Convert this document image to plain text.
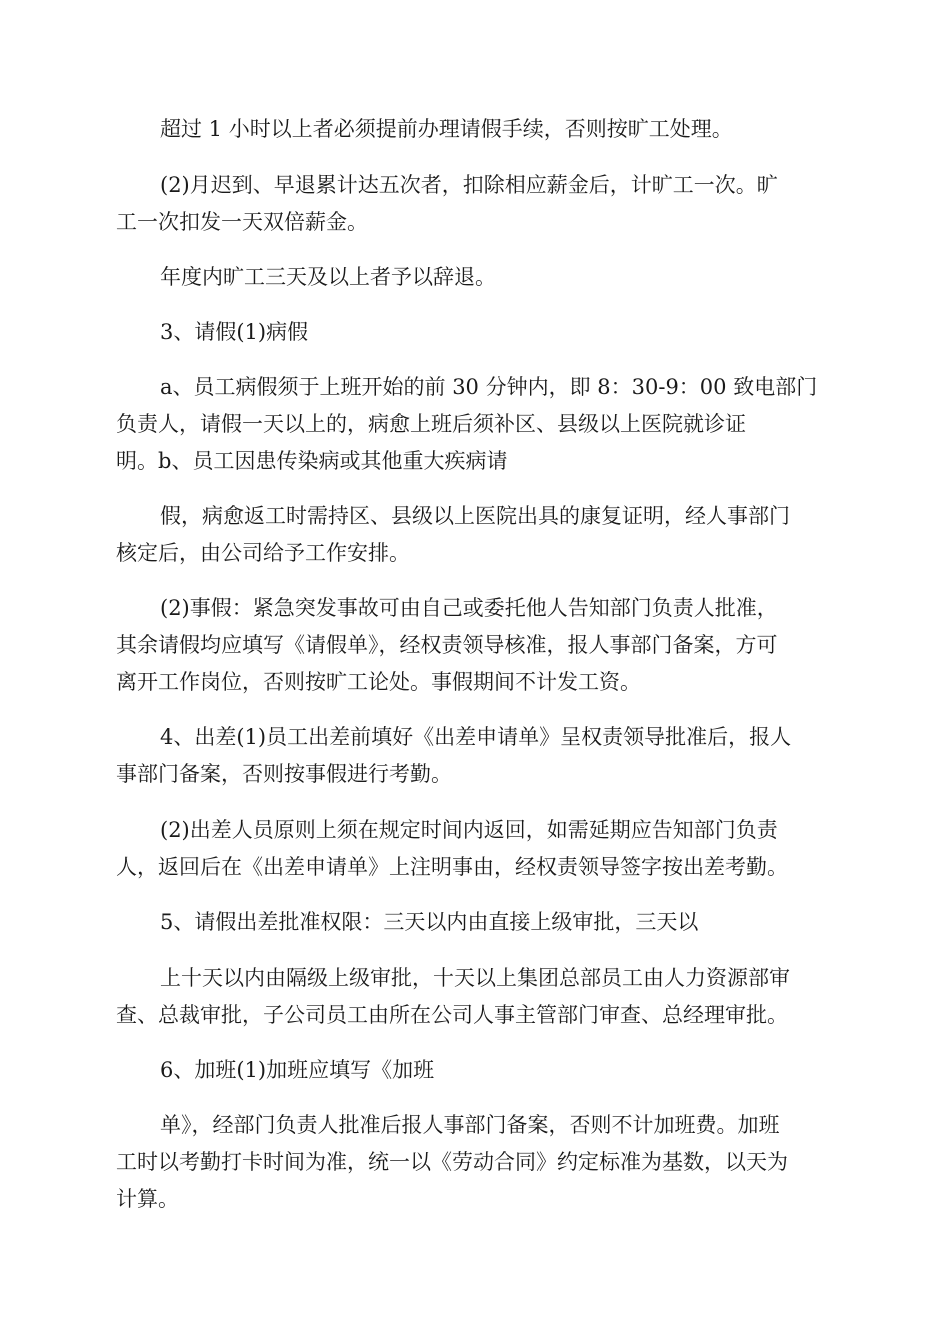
超过 1 小时以上者必须提前办理请假手续，否则按旷工处理。
(2)月迟到、早退累计达五次者，扣除相应薪金后，计旷工一次。旷
工一次扣发一天双倍薪金。
年度内旷工三天及以上者予以辞退。
3、请假(1)病假
a、员工病假须于上班开始的前 30 分钟内，即 8：30-9：00 致电部门
负责人，请假一天以上的，病愈上班后须补区、县级以上医院就诊证
明。b、员工因患传染病或其他重大疾病请
假，病愈返工时需持区、县级以上医院出具的康复证明，经人事部门
核定后，由公司给予工作安排。
(2)事假：紧急突发事故可由自己或委托他人告知部门负责人批准，
其余请假均应填写《请假单》，经权责领导核准，报人事部门备案，方可
离开工作岗位，否则按旷工论处。事假期间不计发工资。
4、出差(1)员工出差前填好《出差申请单》呈权责领导批准后，报人
事部门备案，否则按事假进行考勤。
(2)出差人员原则上须在规定时间内返回，如需延期应告知部门负责
人，返回后在《出差申请单》上注明事由，经权责领导签字按出差考勤。
5、请假出差批准权限：三天以内由直接上级审批，三天以
上十天以内由隔级上级审批，十天以上集团总部员工由人力资源部审
查、总裁审批，子公司员工由所在公司人事主管部门审查、总经理审批。
6、加班(1)加班应填写《加班
单》，经部门负责人批准后报人事部门备案，否则不计加班费。加班
工时以考勤打卡时间为准，统一以《劳动合同》约定标准为基数，以天为
计算。
